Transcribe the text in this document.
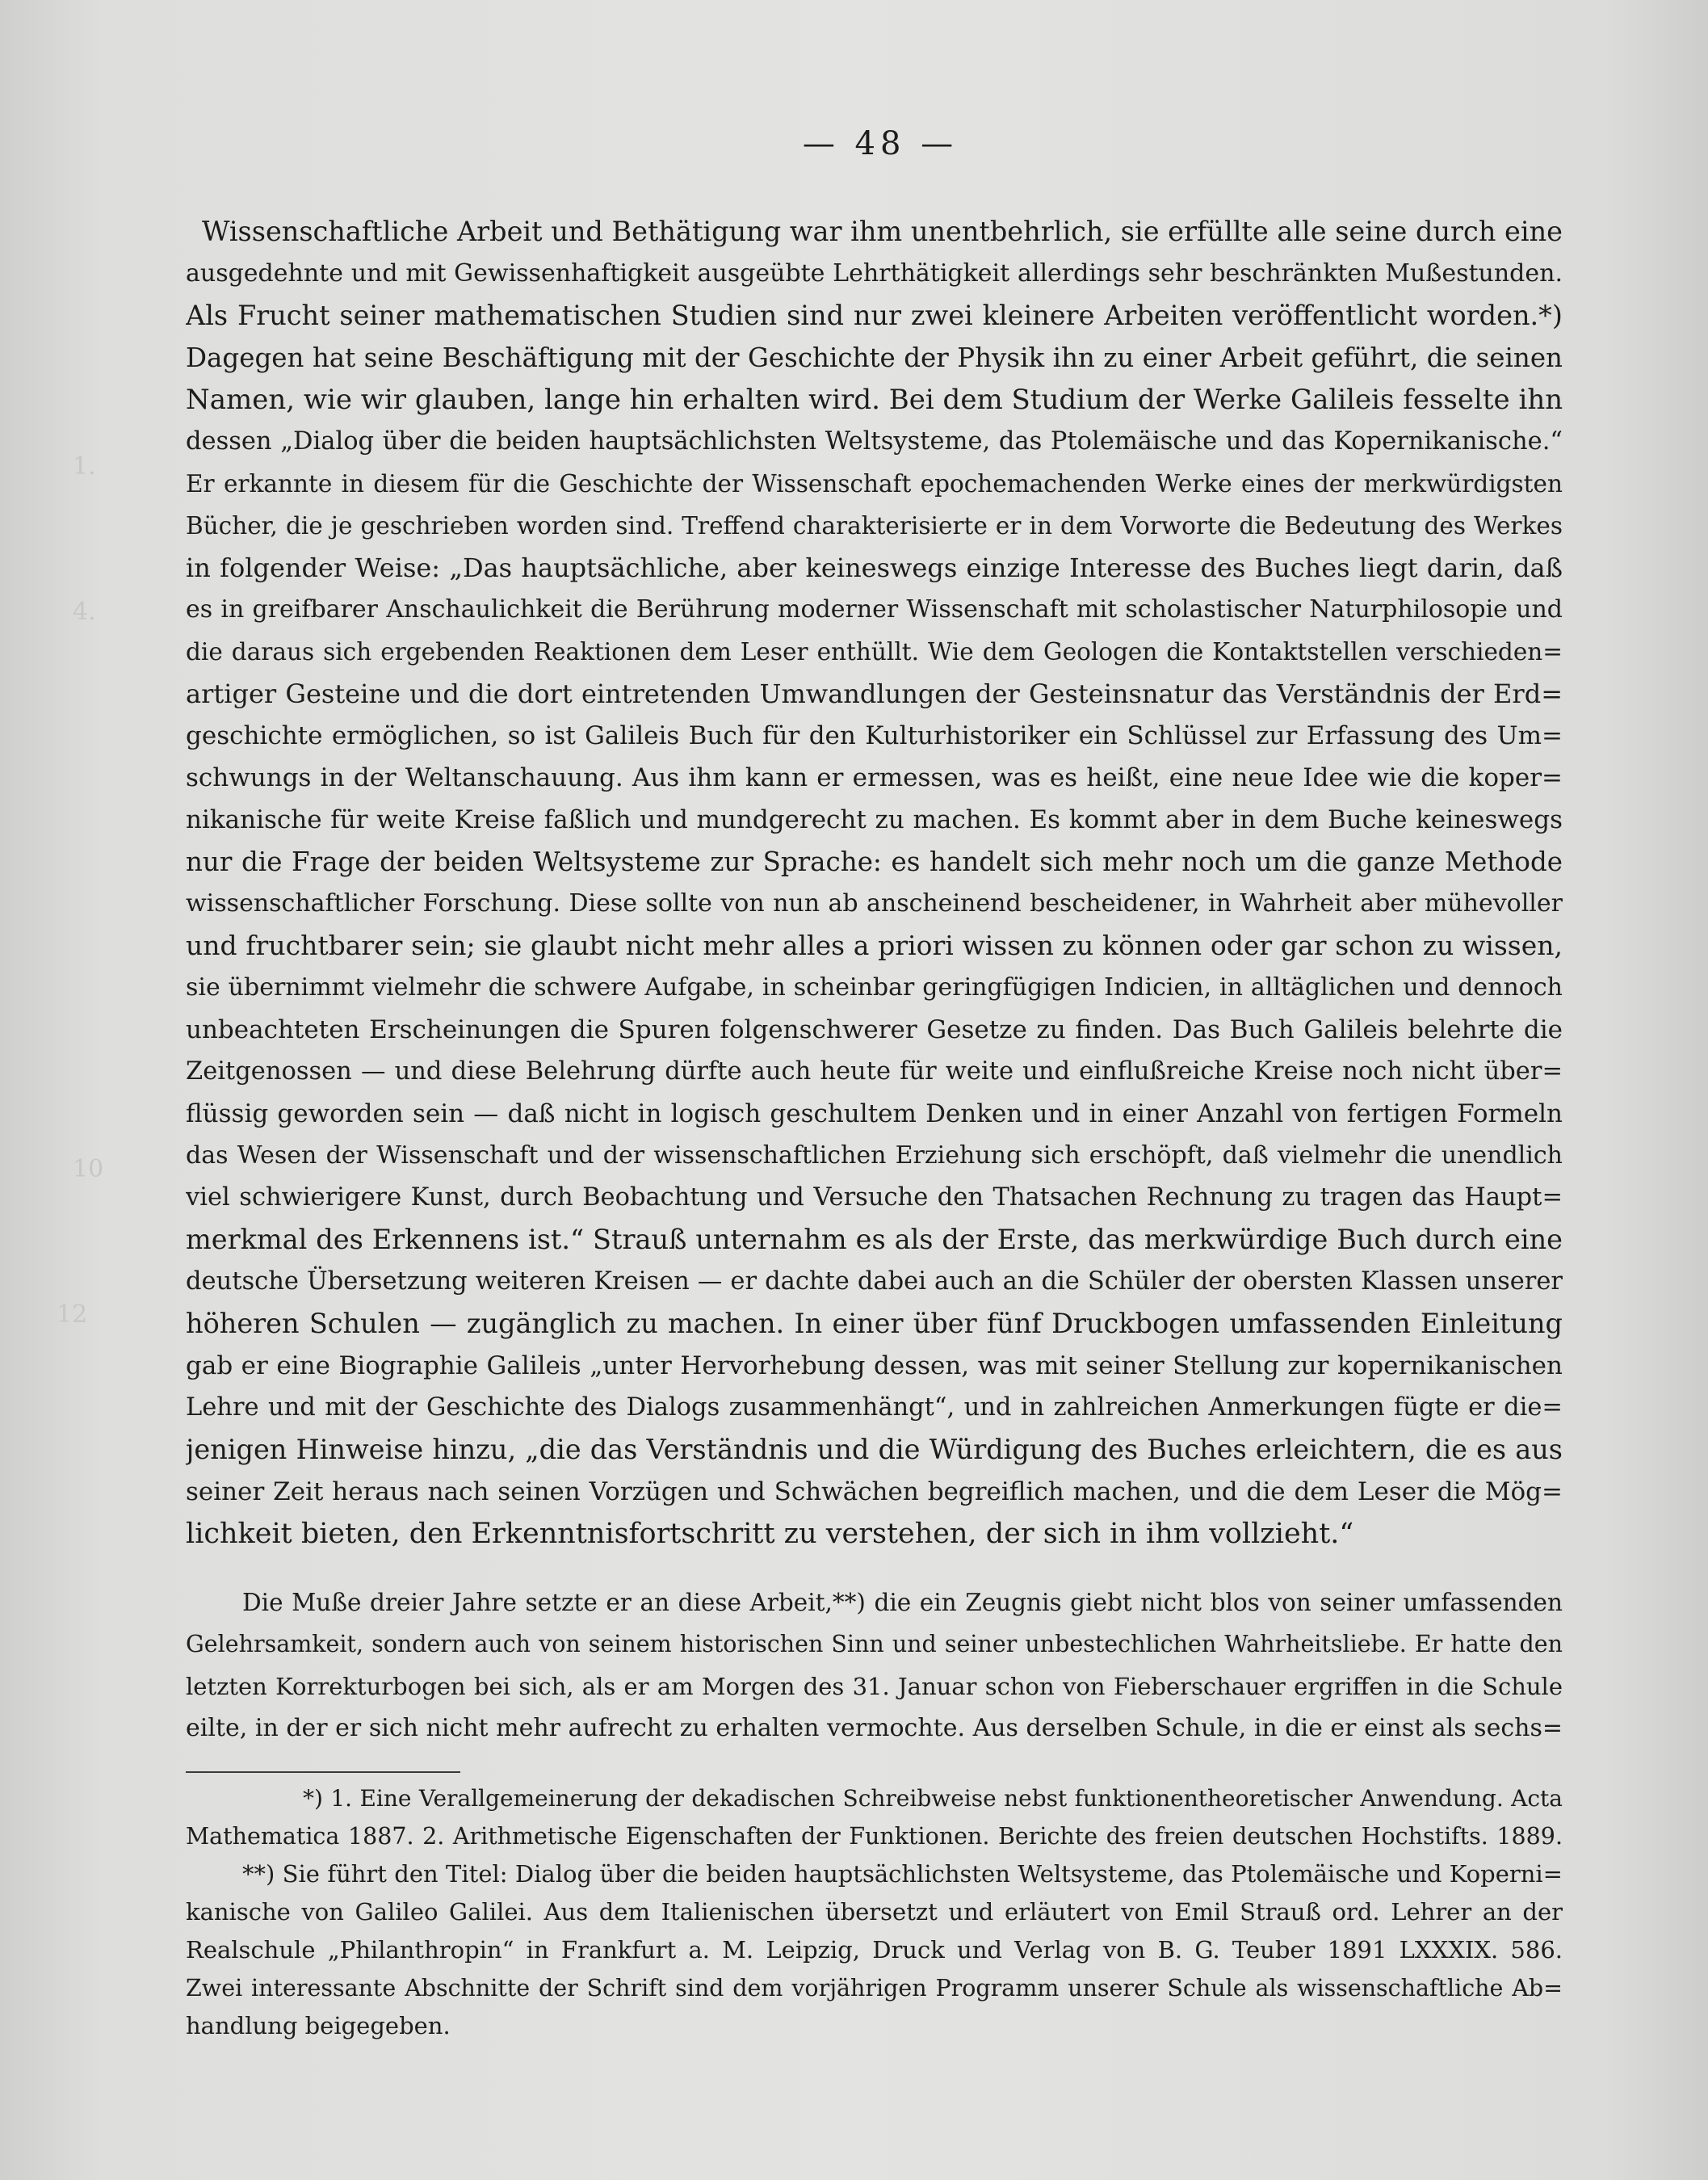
1.
4.
10
12
— 48 —
Wissenschaftliche Arbeit und Bethätigung war ihm unentbehrlich, sie erfüllte alle seine durch eine
ausgedehnte und mit Gewissenhaftigkeit ausgeübte Lehrthätigkeit allerdings sehr beschränkten Mußestunden.
Als Frucht seiner mathematischen Studien sind nur zwei kleinere Arbeiten veröffentlicht worden.*)
Dagegen hat seine Beschäftigung mit der Geschichte der Physik ihn zu einer Arbeit geführt, die seinen
Namen, wie wir glauben, lange hin erhalten wird. Bei dem Studium der Werke Galileis fesselte ihn
dessen „Dialog über die beiden hauptsächlichsten Weltsysteme, das Ptolemäische und das Kopernikanische.“
Er erkannte in diesem für die Geschichte der Wissenschaft epochemachenden Werke eines der merkwürdigsten
Bücher, die je geschrieben worden sind. Treffend charakterisierte er in dem Vorworte die Bedeutung des Werkes
in folgender Weise: „Das hauptsächliche, aber keineswegs einzige Interesse des Buches liegt darin, daß
es in greifbarer Anschaulichkeit die Berührung moderner Wissenschaft mit scholastischer Naturphilosopie und
die daraus sich ergebenden Reaktionen dem Leser enthüllt. Wie dem Geologen die Kontaktstellen verschieden=
artiger Gesteine und die dort eintretenden Umwandlungen der Gesteinsnatur das Verständnis der Erd=
geschichte ermöglichen, so ist Galileis Buch für den Kulturhistoriker ein Schlüssel zur Erfassung des Um=
schwungs in der Weltanschauung. Aus ihm kann er ermessen, was es heißt, eine neue Idee wie die koper=
nikanische für weite Kreise faßlich und mundgerecht zu machen. Es kommt aber in dem Buche keineswegs
nur die Frage der beiden Weltsysteme zur Sprache: es handelt sich mehr noch um die ganze Methode
wissenschaftlicher Forschung. Diese sollte von nun ab anscheinend bescheidener, in Wahrheit aber mühevoller
und fruchtbarer sein; sie glaubt nicht mehr alles a priori wissen zu können oder gar schon zu wissen,
sie übernimmt vielmehr die schwere Aufgabe, in scheinbar geringfügigen Indicien, in alltäglichen und dennoch
unbeachteten Erscheinungen die Spuren folgenschwerer Gesetze zu finden. Das Buch Galileis belehrte die
Zeitgenossen — und diese Belehrung dürfte auch heute für weite und einflußreiche Kreise noch nicht über=
flüssig geworden sein — daß nicht in logisch geschultem Denken und in einer Anzahl von fertigen Formeln
das Wesen der Wissenschaft und der wissenschaftlichen Erziehung sich erschöpft, daß vielmehr die unendlich
viel schwierigere Kunst, durch Beobachtung und Versuche den Thatsachen Rechnung zu tragen das Haupt=
merkmal des Erkennens ist.“ Strauß unternahm es als der Erste, das merkwürdige Buch durch eine
deutsche Übersetzung weiteren Kreisen — er dachte dabei auch an die Schüler der obersten Klassen unserer
höheren Schulen — zugänglich zu machen. In einer über fünf Druckbogen umfassenden Einleitung
gab er eine Biographie Galileis „unter Hervorhebung dessen, was mit seiner Stellung zur kopernikanischen
Lehre und mit der Geschichte des Dialogs zusammenhängt“, und in zahlreichen Anmerkungen fügte er die=
jenigen Hinweise hinzu, „die das Verständnis und die Würdigung des Buches erleichtern, die es aus
seiner Zeit heraus nach seinen Vorzügen und Schwächen begreiflich machen, und die dem Leser die Mög=
lichkeit bieten, den Erkenntnisfortschritt zu verstehen, der sich in ihm vollzieht.“
Die Muße dreier Jahre setzte er an diese Arbeit,**) die ein Zeugnis giebt nicht blos von seiner umfassenden
Gelehrsamkeit, sondern auch von seinem historischen Sinn und seiner unbestechlichen Wahrheitsliebe. Er hatte den
letzten Korrekturbogen bei sich, als er am Morgen des 31. Januar schon von Fieberschauer ergriffen in die Schule
eilte, in der er sich nicht mehr aufrecht zu erhalten vermochte. Aus derselben Schule, in die er einst als sechs=
*) 1. Eine Verallgemeinerung der dekadischen Schreibweise nebst funktionentheoretischer Anwendung. Acta
Mathematica 1887. 2. Arithmetische Eigenschaften der Funktionen. Berichte des freien deutschen Hochstifts. 1889.
**) Sie führt den Titel: Dialog über die beiden hauptsächlichsten Weltsysteme, das Ptolemäische und Koperni=
kanische von Galileo Galilei. Aus dem Italienischen übersetzt und erläutert von Emil Strauß ord. Lehrer an der
Realschule „Philanthropin“ in Frankfurt a. M. Leipzig, Druck und Verlag von B. G. Teuber 1891 LXXXIX. 586.
Zwei interessante Abschnitte der Schrift sind dem vorjährigen Programm unserer Schule als wissenschaftliche Ab=
handlung beigegeben.
